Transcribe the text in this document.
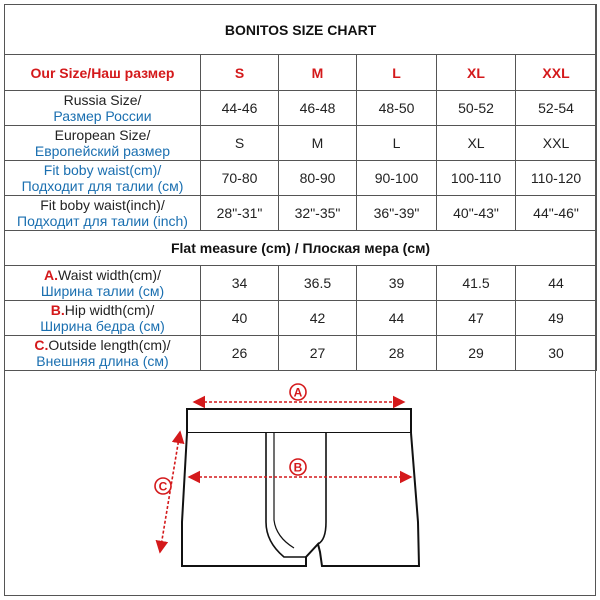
BONITOS SIZE CHART					
Our Size/Наш размер	S	M	L	XL	XXL

Russia Size/
Размер России	44-46	46-48	48-50	50-52	52-54

European Size/
Европейский размер	S	M	L	XL	XXL

Fit boby waist(cm)/
Подходит для талии (см)	70-80	80-90	90-100	100-110	110-120

Fit boby waist(inch)/
Подходит для талии (inch)	28"-31"	32"-35"	36"-39"	40"-43"	44"-46"
Flat measure (cm) / Плоская мера (см)					

A.Waist width(cm)/
Ширина талии (см)	34	36.5	39	41.5	44

B.Hip width(cm)/
Ширина бедра (см)	40	42	44	47	49

C.Outside length(cm)/
Внешняя длина (см)	26	27	28	29	30
A
B
C
